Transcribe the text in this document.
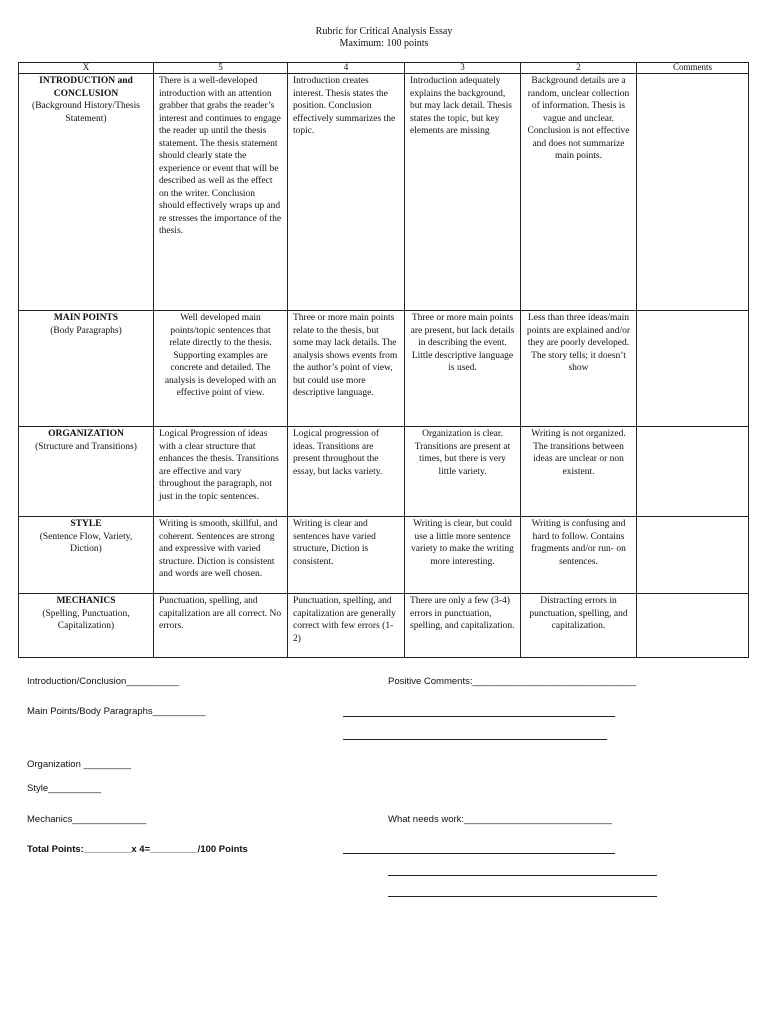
Rubric for Critical Analysis Essay
Maximum: 100 points
X	5	4	3	2	Comments

INTRODUCTION and CONCLUSION
(Background History/Thesis Statement)	There is a well-developed introduction with an attention grabber that grabs the reader’s interest and continues to engage the reader up until the thesis statement. The thesis statement should clearly state the experience or event that will be described as well as the effect on the writer. Conclusion should effectively wraps up and re stresses the importance of the thesis.	Introduction creates interest. Thesis states the position. Conclusion effectively summarizes the topic.	Introduction adequately explains the background, but may lack detail. Thesis states the topic, but key elements are missing	Background details are a random, unclear collection of information. Thesis is vague and unclear. Conclusion is not effective and does not summarize main points.	

MAIN POINTS
(Body Paragraphs)	Well developed main points/topic sentences that relate directly to the thesis. Supporting examples are concrete and detailed. The analysis is developed with an effective point of view.	Three or more main points relate to the thesis, but some may lack details. The analysis shows events from the author’s point of view, but could use more descriptive language.	Three or more main points are present, but lack details in describing the event. Little descriptive language is used.	Less than three ideas/main points are explained and/or they are poorly developed. The story tells; it doesn’t show	

ORGANIZATION
(Structure and Transitions)	Logical Progression of ideas with a clear structure that enhances the thesis. Transitions are effective and vary throughout the paragraph, not just in the topic sentences.	Logical progression of ideas. Transitions are present throughout the essay, but lacks variety.	Organization is clear. Transitions are present at times, but there is very little variety.	Writing is not organized. The transitions between ideas are unclear or non existent.	

STYLE
(Sentence Flow, Variety, Diction)	Writing is smooth, skillful, and coherent. Sentences are strong and expressive with varied structure. Diction is consistent and words are well chosen.	Writing is clear and sentences have varied structure, Diction is consistent.	Writing is clear, but could use a little more sentence variety to make the writing more interesting.	Writing is confusing and hard to follow. Contains fragments and/or run- on sentences.	

MECHANICS
(Spelling, Punctuation, Capitalization)	Punctuation, spelling, and capitalization are all correct. No errors.	Punctuation, spelling, and capitalization are generally correct with few errors (1-2)	There are only a few (3-4) errors in punctuation, spelling, and capitalization.	Distracting errors in punctuation, spelling, and capitalization.	
Introduction/Conclusion__________
Main Points/Body Paragraphs__________
Organization _________
Style__________
Mechanics______________
Total Points:_________x 4=_________/100 Points
Positive Comments:_______________________________
What needs work:____________________________
